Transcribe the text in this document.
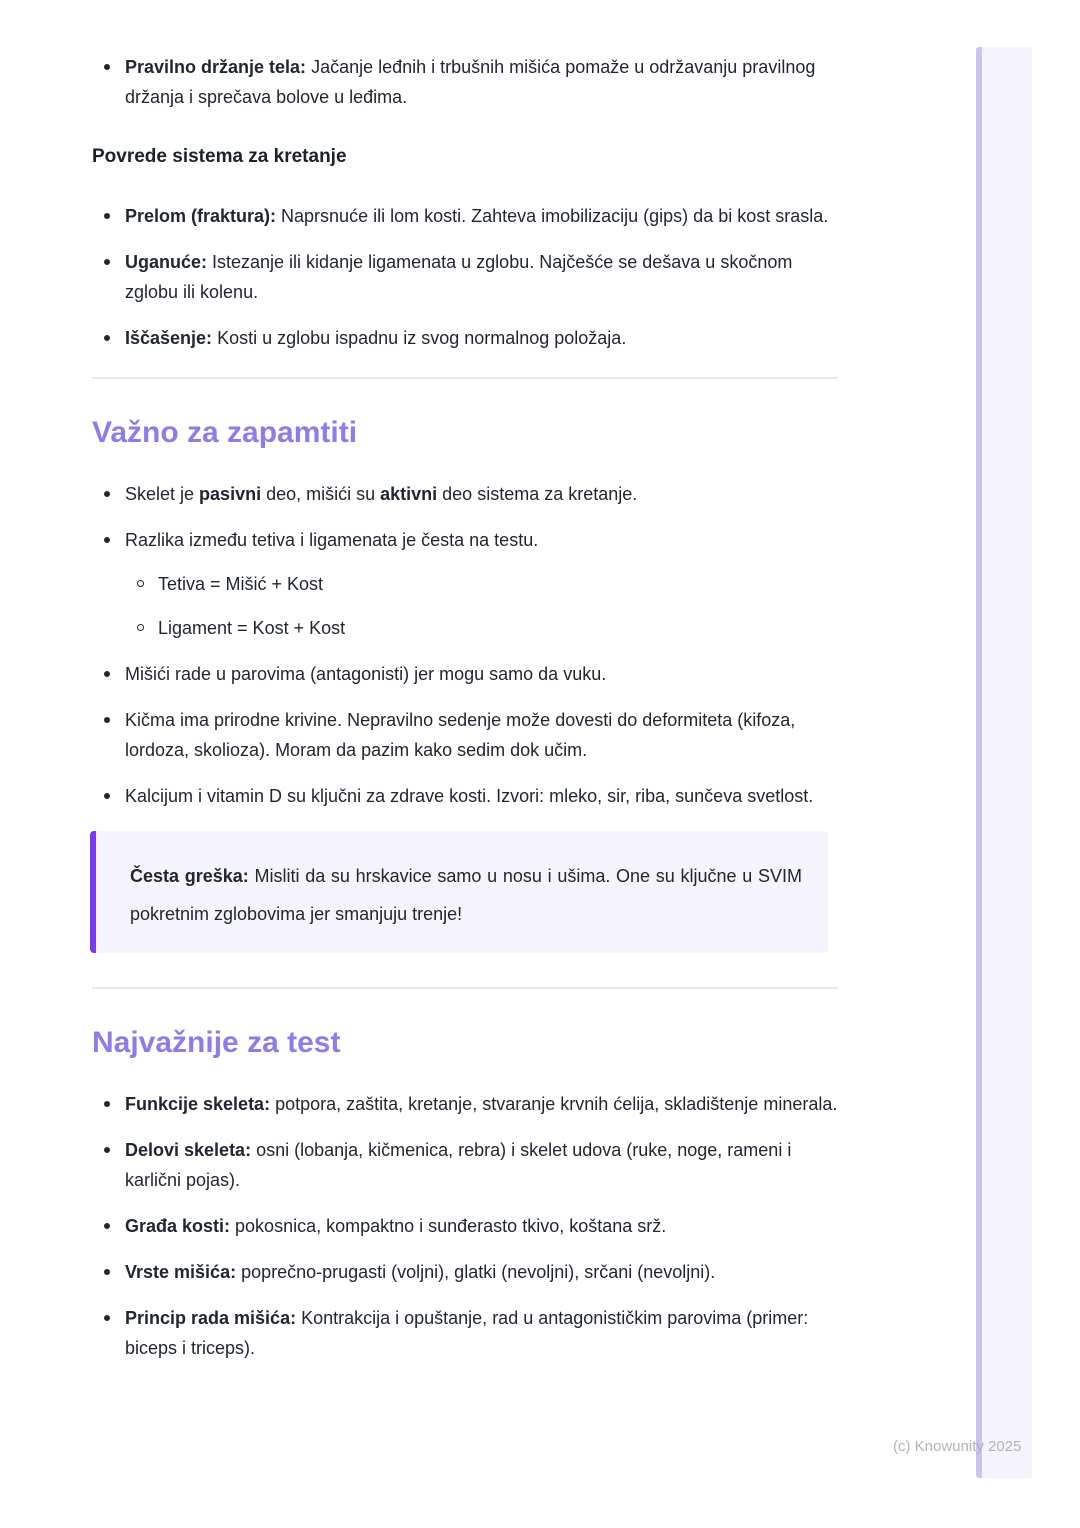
(c) Knowunity 2025
Pravilno držanje tela: Jačanje leđnih i trbušnih mišića pomaže u održavanju pravilnog držanja i sprečava bolove u leđima.
Povrede sistema za kretanje
Prelom (fraktura): Naprsnuće ili lom kosti. Zahteva imobilizaciju (gips) da bi kost srasla.
Uganuće: Istezanje ili kidanje ligamenata u zglobu. Najčešće se dešava u skočnom zglobu ili kolenu.
Iščašenje: Kosti u zglobu ispadnu iz svog normalnog položaja.
Važno za zapamtiti
Skelet je pasivni deo, mišići su aktivni deo sistema za kretanje.
Razlika između tetiva i ligamenata je česta na testu.
Tetiva = Mišić + Kost
Ligament = Kost + Kost
Mišići rade u parovima (antagonisti) jer mogu samo da vuku.
Kičma ima prirodne krivine. Nepravilno sedenje može dovesti do deformiteta (kifoza, lordoza, skolioza). Moram da pazim kako sedim dok učim.
Kalcijum i vitamin D su ključni za zdrave kosti. Izvori: mleko, sir, riba, sunčeva svetlost.

Česta greška: Misliti da su hrskavice samo u nosu i ušima. One su ključne u SVIM pokretnim zglobovima jer smanjuju trenje!

Najvažnije za test
Funkcije skeleta: potpora, zaštita, kretanje, stvaranje krvnih ćelija, skladištenje minerala.
Delovi skeleta: osni (lobanja, kičmenica, rebra) i skelet udova (ruke, noge, rameni i karlični pojas).
Građa kosti: pokosnica, kompaktno i sunđerasto tkivo, koštana srž.
Vrste mišića: poprečno-prugasti (voljni), glatki (nevoljni), srčani (nevoljni).
Princip rada mišića: Kontrakcija i opuštanje, rad u antagonističkim parovima (primer: biceps i triceps).
